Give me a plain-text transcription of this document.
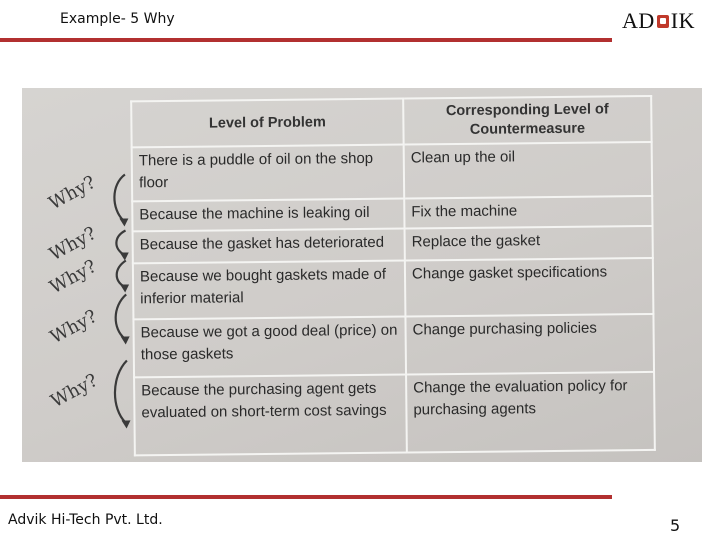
Example- 5 Why	AD IK
Why?
Why?
Why?
Why?
Why?
Level of Problem	Corresponding Level of Countermeasure
There is a puddle of oil on the shop floor	Clean up the oil
Because the machine is leaking oil	Fix the machine
Because the gasket has deteriorated	Replace the gasket
Because we bought gaskets made of inferior material	Change gasket specifications
Because we got a good deal (price) on those gaskets	Change purchasing policies
Because the purchasing agent gets evaluated on short-term cost savings	Change the evaluation policy for purchasing agents
Advik Hi-Tech Pvt. Ltd.	5
